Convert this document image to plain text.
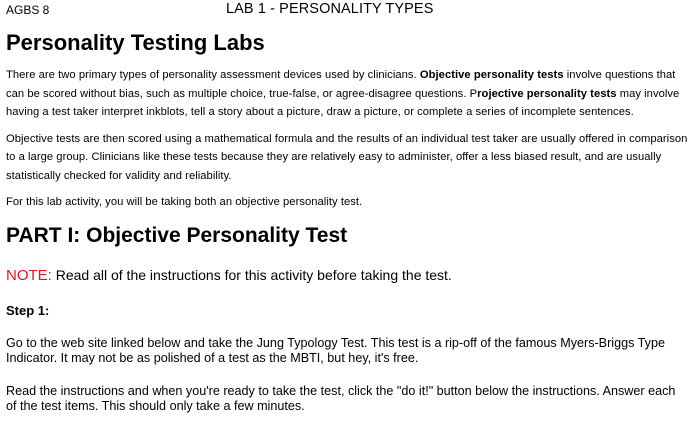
AGBS 8	LAB 1 - PERSONALITY TYPES
Personality Testing Labs

There are two primary types of personality assessment devices used by clinicians. Objective personality tests involve questions that can be scored without bias, such as multiple choice, true-false, or agree-disagree questions. Projective personality tests may involve having a test taker interpret inkblots, tell a story about a picture, draw a picture, or complete a series of incomplete sentences.

Objective tests are then scored using a mathematical formula and the results of an individual test taker are usually offered in comparison to a large group. Clinicians like these tests because they are relatively easy to administer, offer a less biased result, and are usually statistically checked for validity and reliability.

For this lab activity, you will be taking both an objective personality test.

PART I: Objective Personality Test

NOTE: Read all of the instructions for this activity before taking the test.

Step 1:

Go to the web site linked below and take the Jung Typology Test. This test is a rip-off of the famous Myers-Briggs Type Indicator. It may not be as polished of a test as the MBTI, but hey, it's free.

Read the instructions and when you're ready to take the test, click the "do it!" button below the instructions. Answer each of the test items. This should only take a few minutes.
